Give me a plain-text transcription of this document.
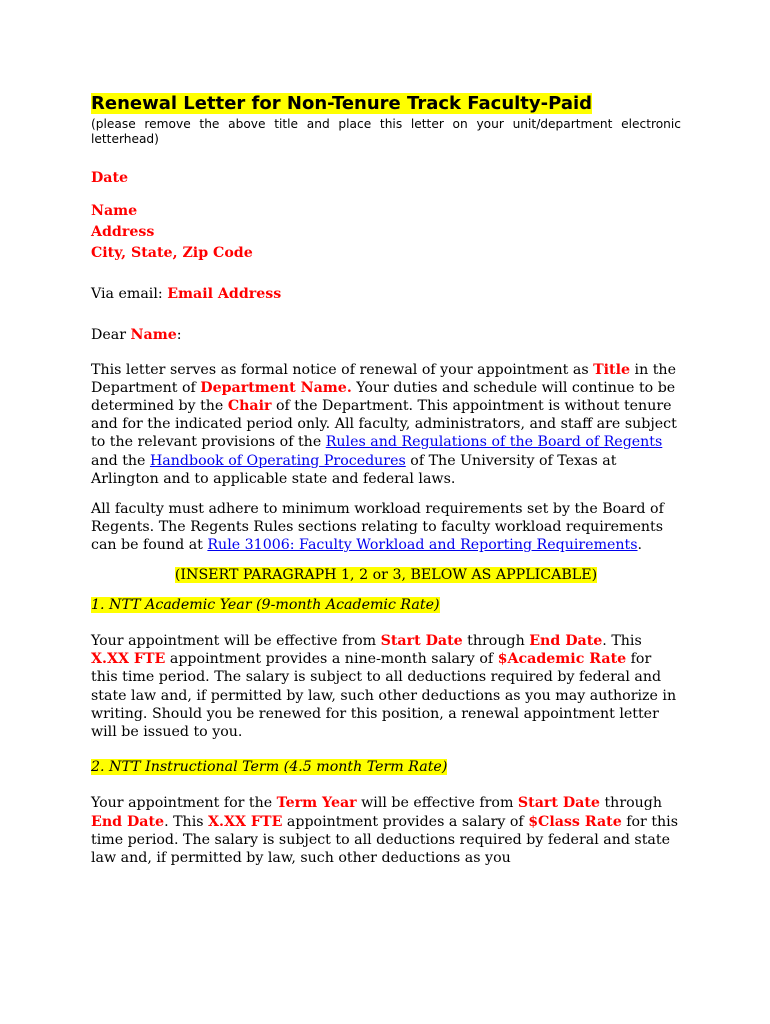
Renewal Letter for Non-Tenure Track Faculty-Paid

(please remove the above title and place this letter on your unit/department electronic letterhead)

Date

Name
Address
City, State, Zip Code

Via email: Email Address

Dear Name:

This letter serves as formal notice of renewal of your appointment as Title in the Department of Department Name. Your duties and schedule will continue to be determined by the Chair of the Department. This appointment is without tenure and for the indicated period only. All faculty, administrators, and staff are subject to the relevant provisions of the Rules and Regulations of the Board of Regents and the Handbook of Operating Procedures of The University of Texas at Arlington and to applicable state and federal laws.

All faculty must adhere to minimum workload requirements set by the Board of Regents. The Regents Rules sections relating to faculty workload requirements can be found at Rule 31006: Faculty Workload and Reporting Requirements.

(INSERT PARAGRAPH 1, 2 or 3, BELOW AS APPLICABLE)

1. NTT Academic Year (9-month Academic Rate)

Your appointment will be effective from Start Date through End Date. This X.XX FTE appointment provides a nine-month salary of $Academic Rate for this time period. The salary is subject to all deductions required by federal and state law and, if permitted by law, such other deductions as you may authorize in writing. Should you be renewed for this position, a renewal appointment letter will be issued to you.

2. NTT Instructional Term (4.5 month Term Rate)

Your appointment for the Term Year will be effective from Start Date through End Date. This X.XX FTE appointment provides a salary of $Class Rate for this time period. The salary is subject to all deductions required by federal and state law and, if permitted by law, such other deductions as you
